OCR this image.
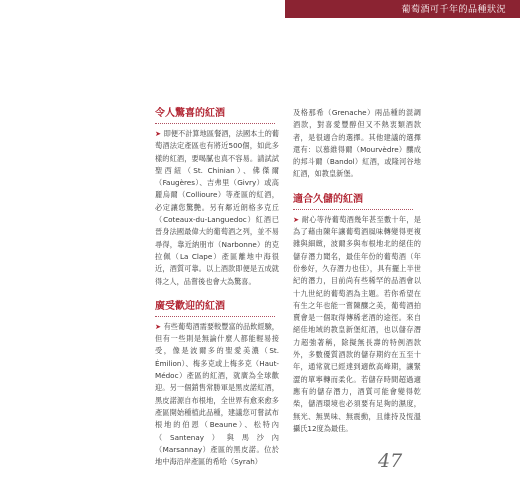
葡萄酒可千年的品種狀況
令人驚喜的紅酒

➤ 即便不計算地區餐酒，法國本土的葡萄酒法定產區也有將近500個，如此多樣的紅酒，要喝膩也真不容易。請試試聖西紐（St. Chinian）、佛傑爾（Faugères）、吉弗里（Givry）或高麗烏爾（Collioure）等產區的紅酒，必定讓您驚艷。另有鄰近朗格多克丘（Coteaux-du-Languedoc）紅酒已晉身法國最偉大的葡萄酒之列，並不易尋得，靠近納朋市（Narbonne）的克拉佩（La Clape）產區離地中海很近，酒質可靠。以上酒款即便是五成就得之人，品嘗後也會大為驚喜。

廣受歡迎的紅酒

➤ 有些葡萄酒需要較豐富的品飲經驗，但有一些則是無論什麼人都能輕易接受，像是波爾多的聖愛美濃（St. Émilion）、梅多克或上梅多克（Haut-Médoc）產區的紅酒，就廣為全球歡迎。另一個銷售常勝軍是黑皮諾紅酒，黑皮諾源自布根地，全世界有愈來愈多產區開始種植此品種，建議您可嘗試布根地的伯恩（Beaune）、松特內（Santenay）與馬沙內（Marsannay）產區的黑皮諾。位於地中海沿岸產區的希哈（Syrah）

及格那希（Grenache）兩品種的混調酒款，對喜愛豐醇但又不熱衷類酒款者，是很適合的選擇。其他建議的選擇還有：以慕維得爾（Mourvèdre）釀成的邦斗爾（Bandol）紅酒，或隆河谷地紅酒，如教皇新堡。

適合久儲的紅酒

➤ 耐心等待葡萄酒幾年甚至數十年，是為了藉由陳年讓葡萄酒風味轉變得更複雜與細緻，波爾多與布根地北的絕佳的儲存潛力聞名，最佳年份的葡萄酒（年份參好，久存潛力也佳），具有擺上半世紀的潛力，目前尚有些稀罕的品酒會以十九世紀的葡萄酒為主題。若你希望在有生之年也能一嘗陳釀之美，葡萄酒拍賣會是一個取得傳稀老酒的途徑。來自絕佳地域的教皇新堡紅酒，也以儲存潛力超強著稱，除擬無長壽的特例酒款外，多數優質酒款的儲存期約在五至十年，通常就已經達到適飲高峰期，讓緊澀的單寧轉而柔化。若儲存時間超過適應有的儲存潛力，酒質可能會變得乾柴，儲酒環境也必須要有足夠的濕度，無光、無異味、無震動，且維持及恆溫攝氏12度為最佳。

47
